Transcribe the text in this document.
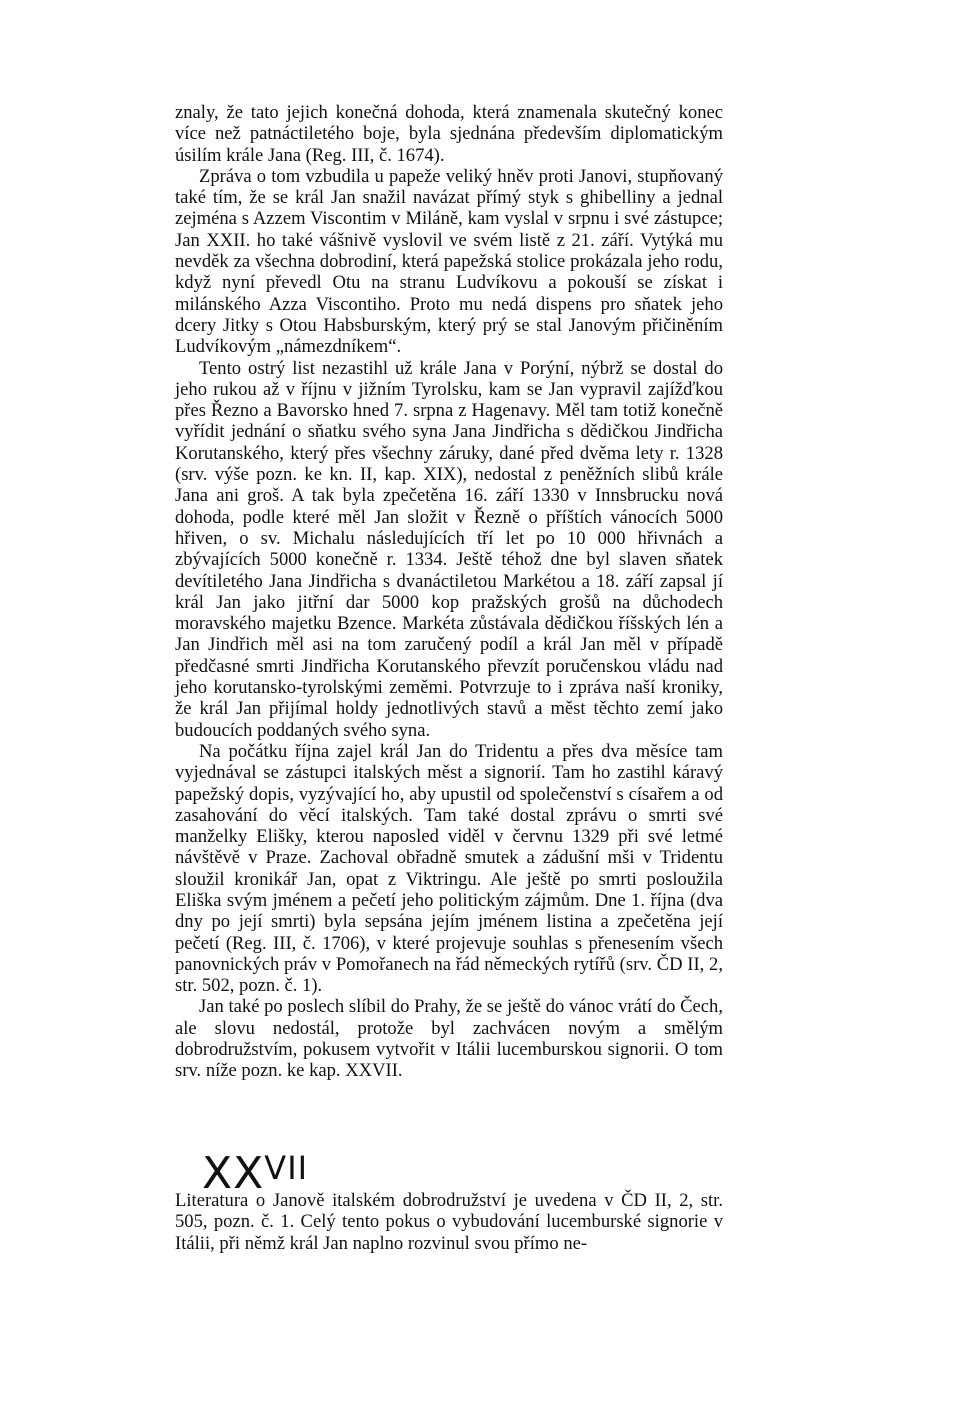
znaly, že tato jejich konečná dohoda, která znamenala skutečný konec více než patnáctiletého boje, byla sjednána především diplomatickým úsilím krále Jana (Reg. III, č. 1674).

Zpráva o tom vzbudila u papeže veliký hněv proti Janovi, stupňovaný také tím, že se král Jan snažil navázat přímý styk s ghibelliny a jednal zejména s Azzem Viscontim v Miláně, kam vyslal v srpnu i své zástupce; Jan XXII. ho také vášnivě vyslovil ve svém listě z 21. září. Vytýká mu nevděk za všechna dobrodiní, která papežská stolice prokázala jeho rodu, když nyní převedl Otu na stranu Ludvíkovu a pokouší se získat i milánského Azza Viscontiho. Proto mu nedá dispens pro sňatek jeho dcery Jitky s Otou Habsburským, který prý se stal Janovým přičiněním Ludvíkovým „námezdníkem“.

Tento ostrý list nezastihl už krále Jana v Porýní, nýbrž se dostal do jeho rukou až v říjnu v jižním Tyrolsku, kam se Jan vypravil zajížďkou přes Řezno a Bavorsko hned 7. srpna z Hagenavy. Měl tam totiž konečně vyřídit jednání o sňatku svého syna Jana Jindřicha s dědičkou Jindřicha Korutanského, který přes všechny záruky, dané před dvěma lety r. 1328 (srv. výše pozn. ke kn. II, kap. XIX), nedostal z peněžních slibů krále Jana ani groš. A tak byla zpečetěna 16. září 1330 v Innsbrucku nová dohoda, podle které měl Jan složit v Řezně o příštích vánocích 5000 hřiven, o sv. Michalu následujících tří let po 10 000 hřivnách a zbývajících 5000 konečně r. 1334. Ještě téhož dne byl slaven sňatek devítiletého Jana Jindřicha s dvanáctiletou Markétou a 18. září zapsal jí král Jan jako jitřní dar 5000 kop pražských grošů na důchodech moravského majetku Bzence. Markéta zůstávala dědičkou říšských lén a Jan Jindřich měl asi na tom zaručený podíl a král Jan měl v případě předčasné smrti Jindřicha Korutanského převzít poručenskou vládu nad jeho korutansko-tyrolskými zeměmi. Potvrzuje to i zpráva naší kroniky, že král Jan přijímal holdy jednotlivých stavů a měst těchto zemí jako budoucích poddaných svého syna.

Na počátku října zajel král Jan do Tridentu a přes dva měsíce tam vyjednával se zástupci italských měst a signorií. Tam ho zastihl káravý papežský dopis, vyzývající ho, aby upustil od společenství s císařem a od zasahování do věcí italských. Tam také dostal zprávu o smrti své manželky Elišky, kterou naposled viděl v červnu 1329 při své letmé návštěvě v Praze. Zachoval obřadně smutek a zádušní mši v Tridentu sloužil kronikář Jan, opat z Viktringu. Ale ještě po smrti posloužila Eliška svým jménem a pečetí jeho politickým zájmům. Dne 1. října (dva dny po její smrti) byla sepsána jejím jménem listina a zpečetěna její pečetí (Reg. III, č. 1706), v které projevuje souhlas s přenesením všech panovnických práv v Pomořanech na řád německých rytířů (srv. ČD II, 2, str. 502, pozn. č. 1).

Jan také po poslech slíbil do Prahy, že se ještě do vánoc vrátí do Čech, ale slovu nedostál, protože byl zachvácen novým a smělým dobrodružstvím, pokusem vytvořit v Itálii lucemburskou signorii. O tom srv. níže pozn. ke kap. XXVII.

$XX^{VII}$
Literatura o Janově italském dobrodružství je uvedena v ČD II, 2, str. 505, pozn. č. 1. Celý tento pokus o vybudování lucemburské signorie v Itálii, při němž král Jan naplno rozvinul svou přímo ne-
